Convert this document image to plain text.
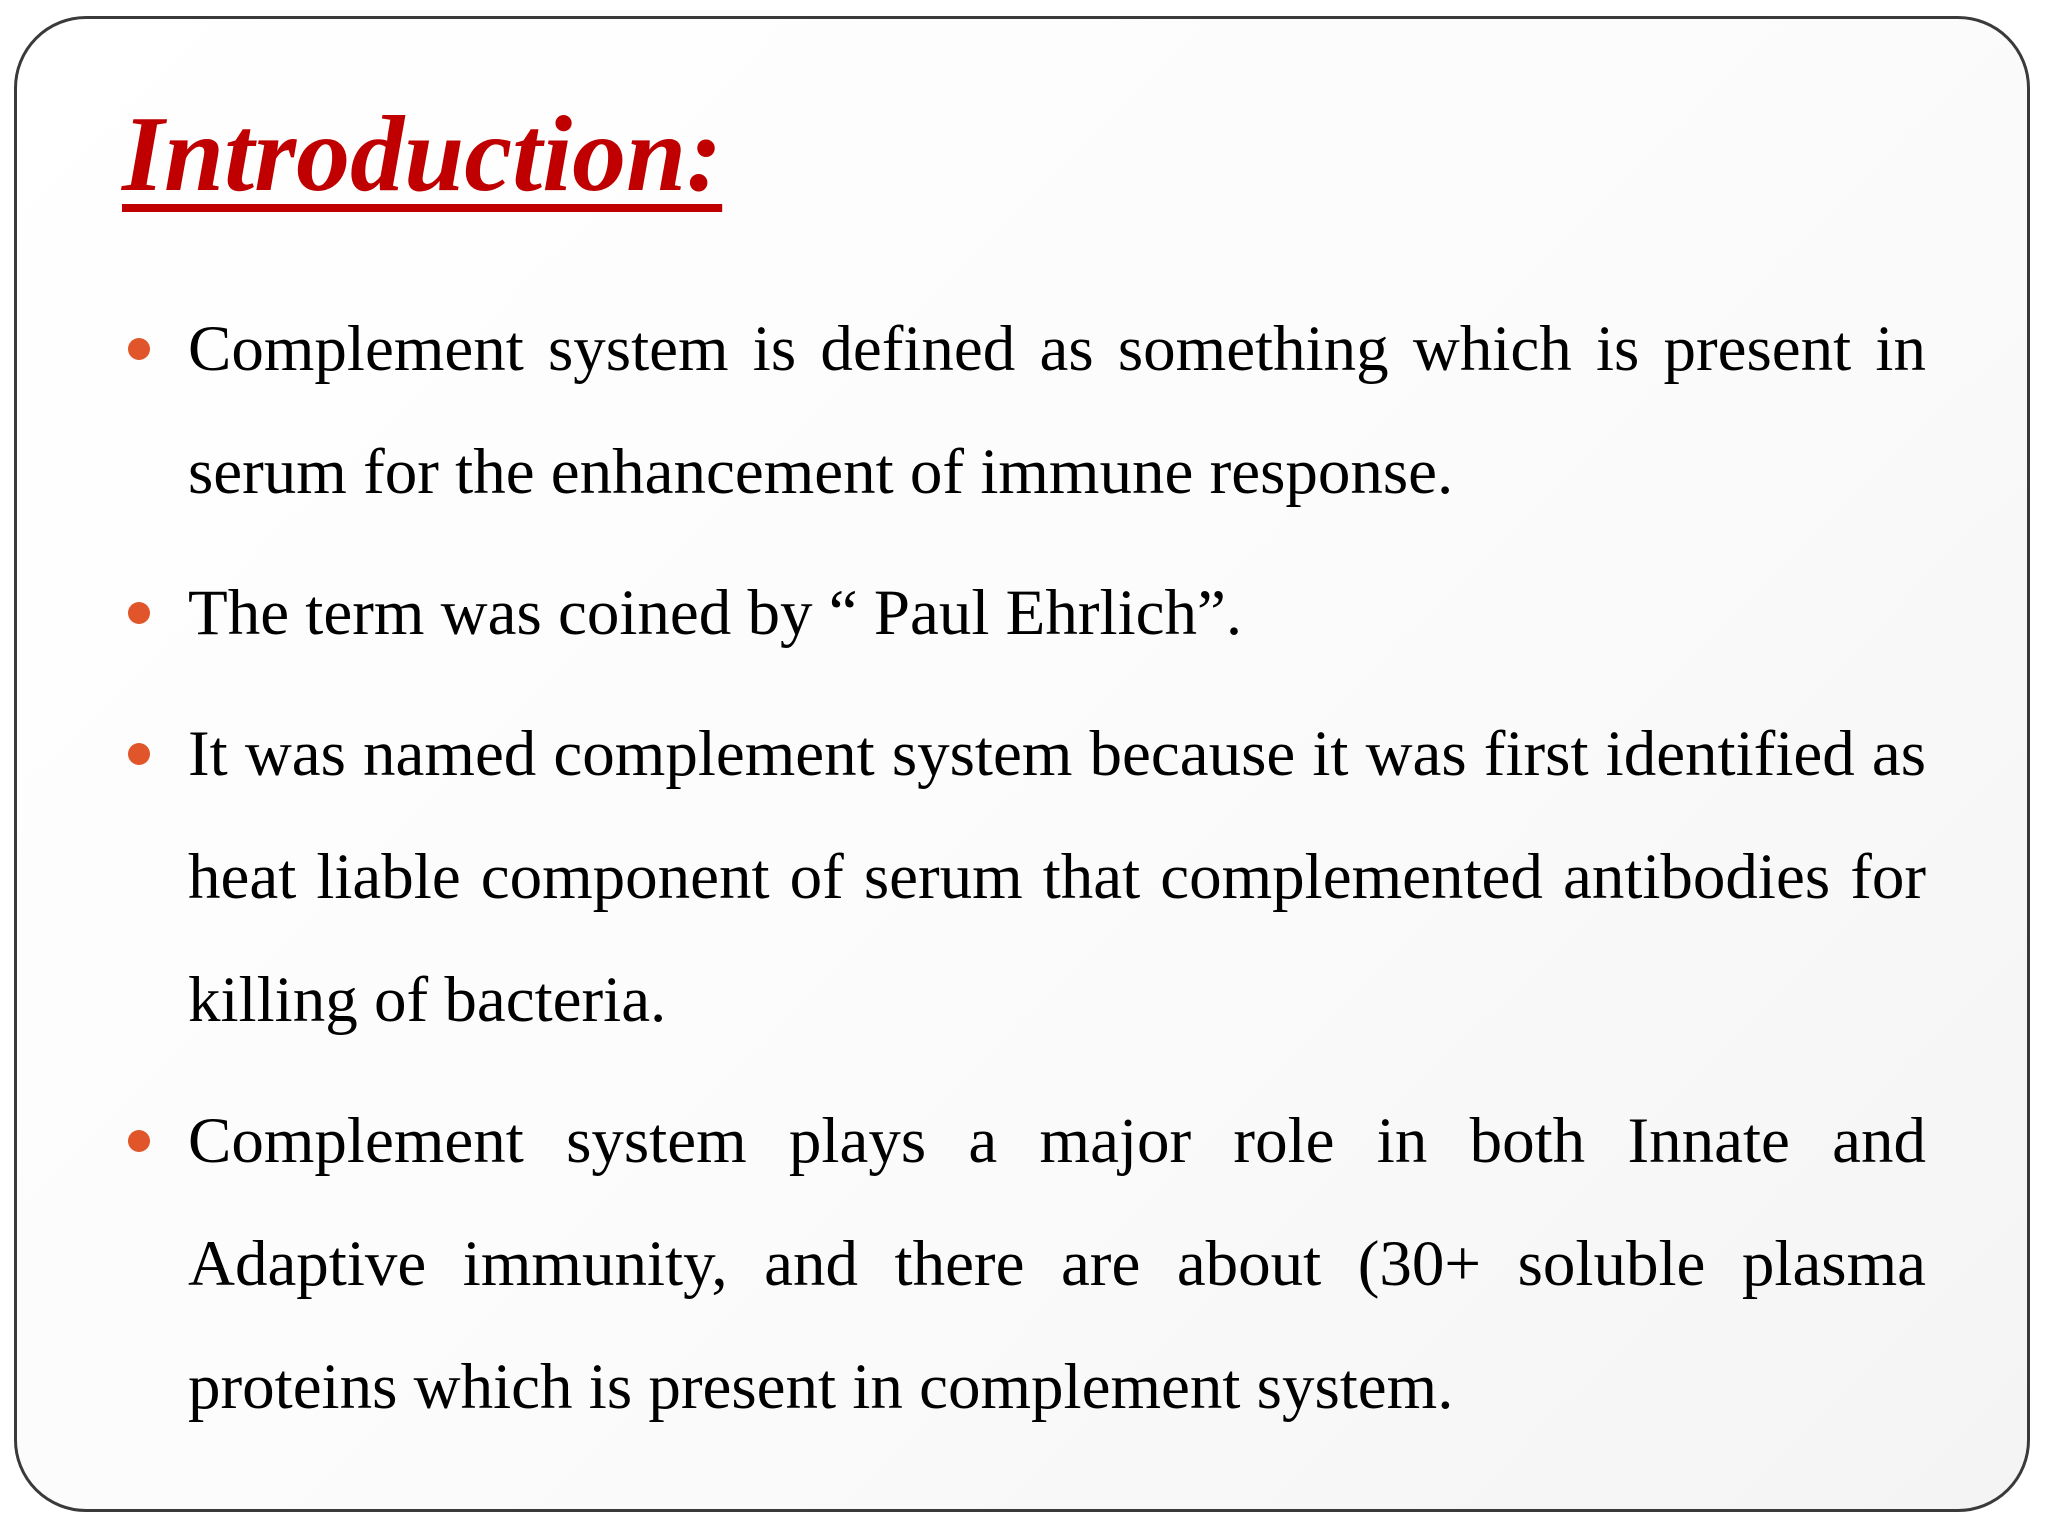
Introduction:
Complement system is defined as something which is present in serum for the enhancement of immune response.
The term was coined by “ Paul Ehrlich”.
It was named complement system because it was first identified as heat liable component of serum that complemented antibodies for killing of bacteria.
Complement system plays a major role in both Innate and Adaptive immunity, and there are about (30+ soluble plasma proteins which is present in complement system.
